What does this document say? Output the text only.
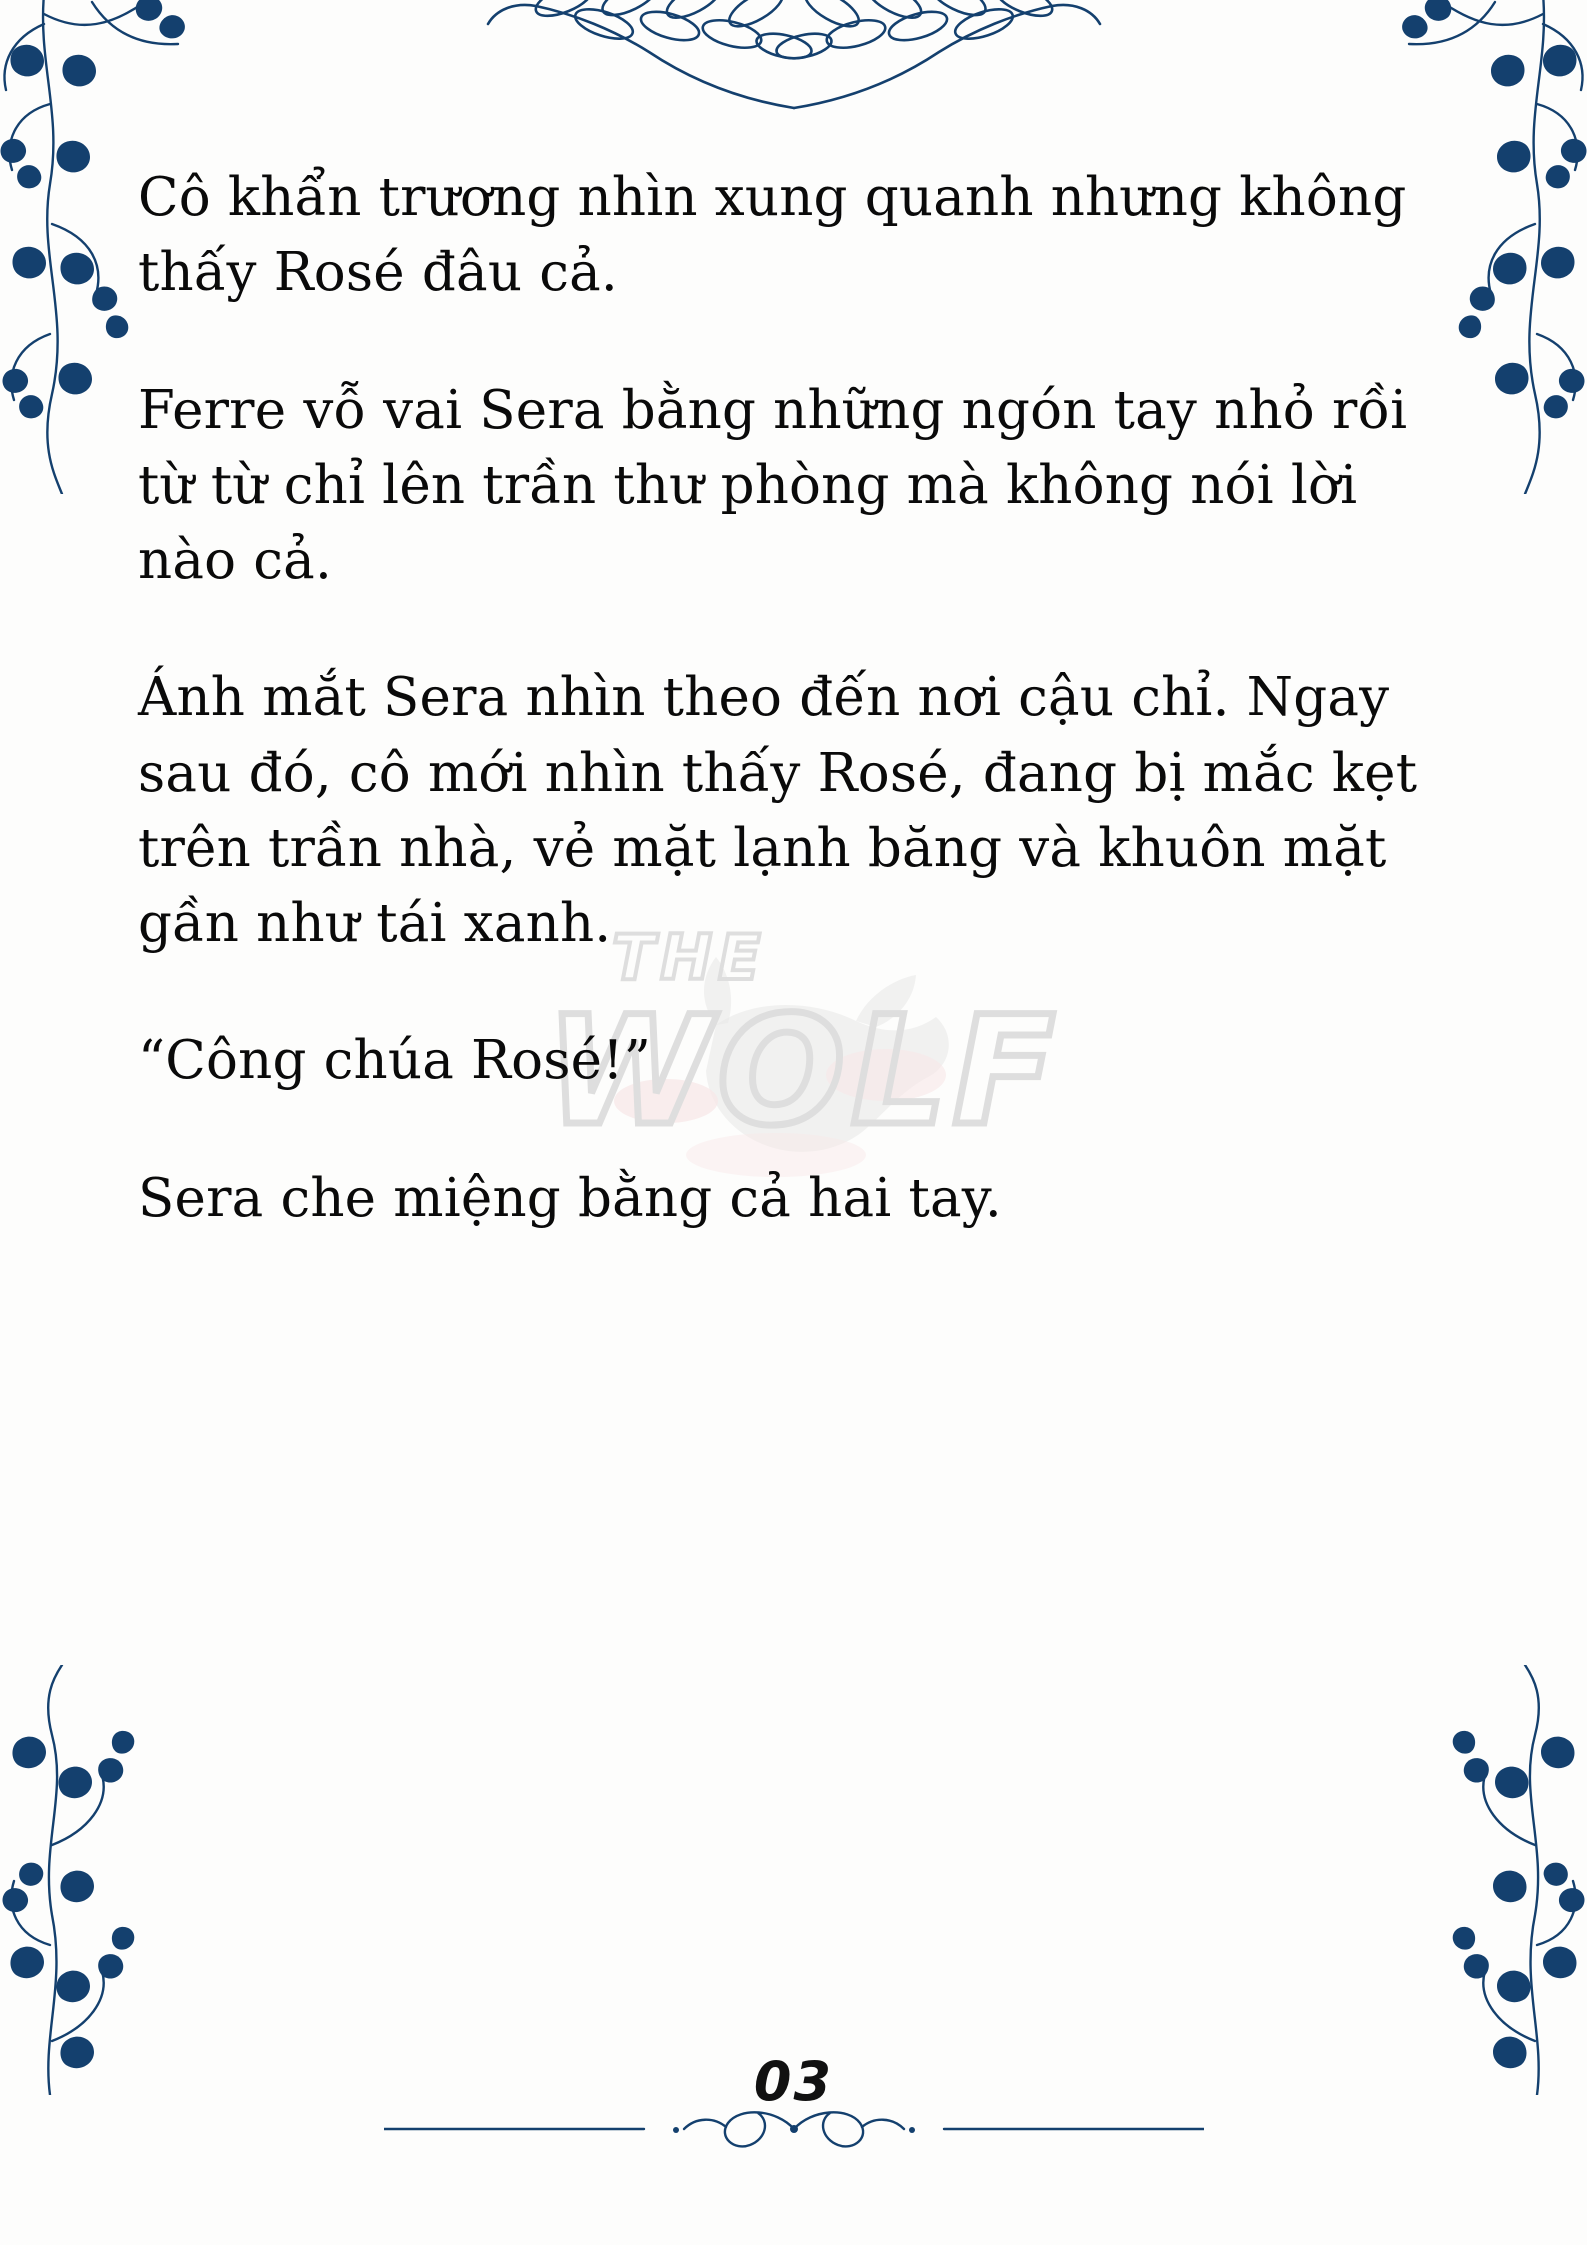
THE
WOLF

Cô khẩn trương nhìn xung quanh nhưng không thấy Rosé đâu cả.

Ferre vỗ vai Sera bằng những ngón tay nhỏ rồi từ từ chỉ lên trần thư phòng mà không nói lời nào cả.

Ánh mắt Sera nhìn theo đến nơi cậu chỉ. Ngay sau đó, cô mới nhìn thấy Rosé, đang bị mắc kẹt trên trần nhà, vẻ mặt lạnh băng và khuôn mặt gần như tái xanh.

“Công chúa Rosé!”

Sera che miệng bằng cả hai tay.

03
